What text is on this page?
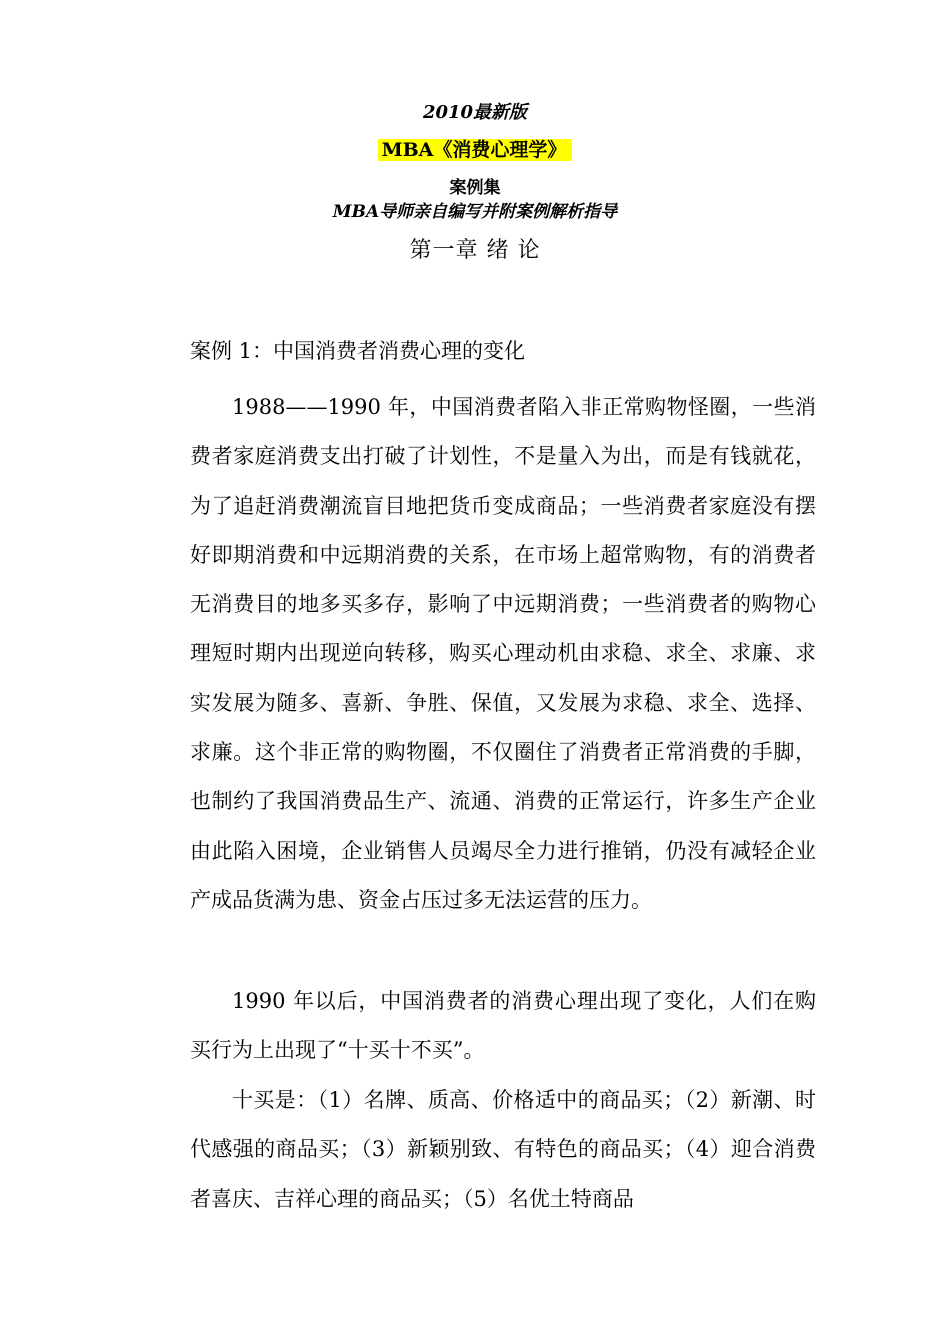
2010最新版
MBA《消费心理学》
案例集
MBA导师亲自编写并附案例解析指导
第一章 绪 论
案例 1：中国消费者消费心理的变化
1988——1990 年，中国消费者陷入非正常购物怪圈，一些消费者家庭消费支出打破了计划性，不是量入为出，而是有钱就花，为了追赶消费潮流盲目地把货币变成商品；一些消费者家庭没有摆好即期消费和中远期消费的关系，在市场上超常购物，有的消费者无消费目的地多买多存，影响了中远期消费；一些消费者的购物心理短时期内出现逆向转移，购买心理动机由求稳、求全、求廉、求实发展为随多、喜新、争胜、保值，又发展为求稳、求全、选择、求廉。这个非正常的购物圈，不仅圈住了消费者正常消费的手脚，也制约了我国消费品生产、流通、消费的正常运行，许多生产企业由此陷入困境，企业销售人员竭尽全力进行推销，仍没有减轻企业产成品货满为患、资金占压过多无法运营的压力。
1990 年以后，中国消费者的消费心理出现了变化，人们在购买行为上出现了“十买十不买”。
十买是：（1）名牌、质高、价格适中的商品买；（2）新潮、时代感强的商品买；（3）新颖别致、有特色的商品买；（4）迎合消费者喜庆、吉祥心理的商品买；（5）名优土特商品
